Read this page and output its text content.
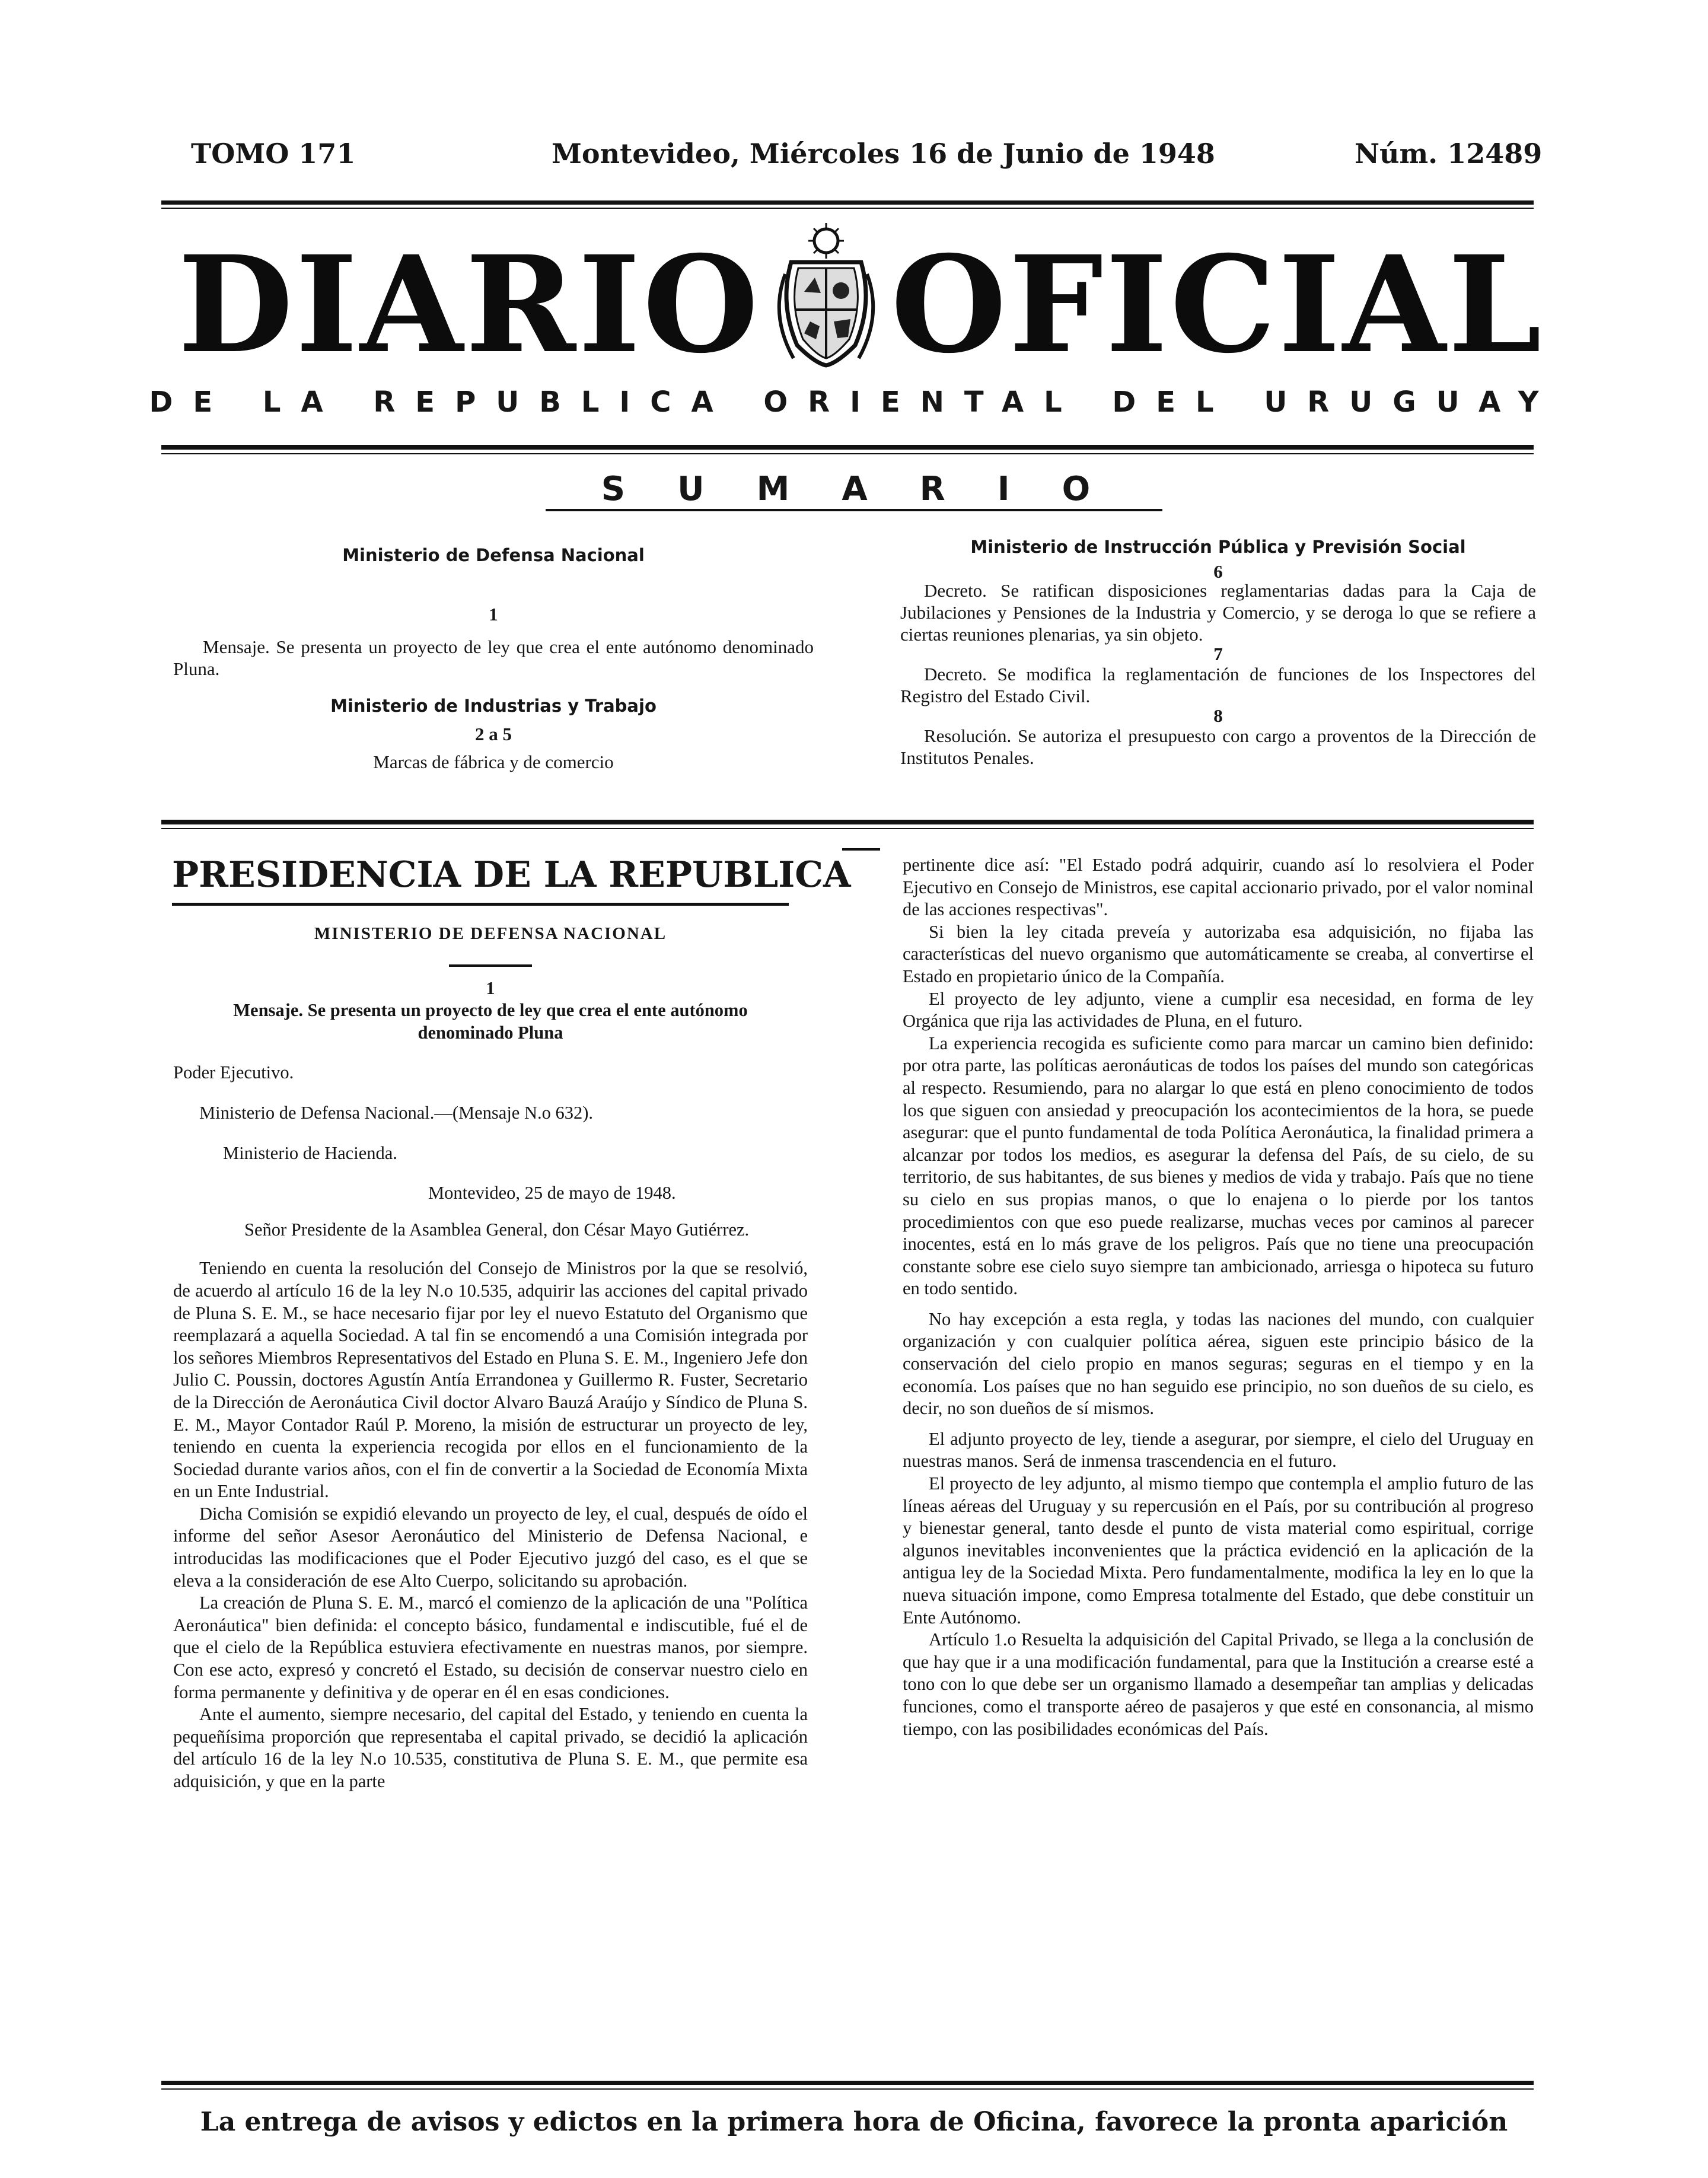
TOMO 171	Montevideo, Miércoles 16 de Junio de 1948	Núm. 12489
DIARIO OFICIAL
DE LA REPUBLICA ORIENTAL DEL URUGUAY
SUMARIO
Ministerio de Defensa Nacional
1
Mensaje. Se presenta un proyecto de ley que crea el ente autónomo denominado Pluna.
Ministerio de Industrias y Trabajo
2 a 5
Marcas de fábrica y de comercio
Ministerio de Instrucción Pública y Previsión Social
6
Decreto. Se ratifican disposiciones reglamentarias dadas para la Caja de Jubilaciones y Pensiones de la Industria y Comercio, y se deroga lo que se refiere a ciertas reuniones plenarias, ya sin objeto.
7
Decreto. Se modifica la reglamentación de funciones de los Inspectores del Registro del Estado Civil.
8
Resolución. Se autoriza el presupuesto con cargo a proventos de la Dirección de Institutos Penales.
PRESIDENCIA DE LA REPUBLICA
MINISTERIO DE DEFENSA NACIONAL
1
Mensaje. Se presenta un proyecto de ley que crea el ente autónomo denominado Pluna

Poder Ejecutivo.

Ministerio de Defensa Nacional.—(Mensaje N.o 632).

Ministerio de Hacienda.

Montevideo, 25 de mayo de 1948.

Señor Presidente de la Asamblea General, don César Mayo Gutiérrez.

Teniendo en cuenta la resolución del Consejo de Ministros por la que se resolvió, de acuerdo al artículo 16 de la ley N.o 10.535, adquirir las acciones del capital privado de Pluna S. E. M., se hace necesario fijar por ley el nuevo Estatuto del Organismo que reemplazará a aquella Sociedad. A tal fin se encomendó a una Comisión integrada por los señores Miembros Representativos del Estado en Pluna S. E. M., Ingeniero Jefe don Julio C. Poussin, doctores Agustín Antía Errandonea y Guillermo R. Fuster, Secretario de la Dirección de Aeronáutica Civil doctor Alvaro Bauzá Araújo y Síndico de Pluna S. E. M., Mayor Contador Raúl P. Moreno, la misión de estructurar un proyecto de ley, teniendo en cuenta la experiencia recogida por ellos en el funcionamiento de la Sociedad durante varios años, con el fin de convertir a la Sociedad de Economía Mixta en un Ente Industrial.

Dicha Comisión se expidió elevando un proyecto de ley, el cual, después de oído el informe del señor Asesor Aeronáutico del Ministerio de Defensa Nacional, e introducidas las modificaciones que el Poder Ejecutivo juzgó del caso, es el que se eleva a la consideración de ese Alto Cuerpo, solicitando su aprobación.

La creación de Pluna S. E. M., marcó el comienzo de la aplicación de una "Política Aeronáutica" bien definida: el concepto básico, fundamental e indiscutible, fué el de que el cielo de la República estuviera efectivamente en nuestras manos, por siempre. Con ese acto, expresó y concretó el Estado, su decisión de conservar nuestro cielo en forma permanente y definitiva y de operar en él en esas condiciones.

Ante el aumento, siempre necesario, del capital del Estado, y teniendo en cuenta la pequeñísima proporción que representaba el capital privado, se decidió la aplicación del artículo 16 de la ley N.o 10.535, constitutiva de Pluna S. E. M., que permite esa adquisición, y que en la parte

pertinente dice así: "El Estado podrá adquirir, cuando así lo resolviera el Poder Ejecutivo en Consejo de Ministros, ese capital accionario privado, por el valor nominal de las acciones respectivas".

Si bien la ley citada preveía y autorizaba esa adquisición, no fijaba las características del nuevo organismo que automáticamente se creaba, al convertirse el Estado en propietario único de la Compañía.

El proyecto de ley adjunto, viene a cumplir esa necesidad, en forma de ley Orgánica que rija las actividades de Pluna, en el futuro.

La experiencia recogida es suficiente como para marcar un camino bien definido: por otra parte, las políticas aeronáuticas de todos los países del mundo son categóricas al respecto. Resumiendo, para no alargar lo que está en pleno conocimiento de todos los que siguen con ansiedad y preocupación los acontecimientos de la hora, se puede asegurar: que el punto fundamental de toda Política Aeronáutica, la finalidad primera a alcanzar por todos los medios, es asegurar la defensa del País, de su cielo, de su territorio, de sus habitantes, de sus bienes y medios de vida y trabajo. País que no tiene su cielo en sus propias manos, o que lo enajena o lo pierde por los tantos procedimientos con que eso puede realizarse, muchas veces por caminos al parecer inocentes, está en lo más grave de los peligros. País que no tiene una preocupación constante sobre ese cielo suyo siempre tan ambicionado, arriesga o hipoteca su futuro en todo sentido.

No hay excepción a esta regla, y todas las naciones del mundo, con cualquier organización y con cualquier política aérea, siguen este principio básico de la conservación del cielo propio en manos seguras; seguras en el tiempo y en la economía. Los países que no han seguido ese principio, no son dueños de su cielo, es decir, no son dueños de sí mismos.

El adjunto proyecto de ley, tiende a asegurar, por siempre, el cielo del Uruguay en nuestras manos. Será de inmensa trascendencia en el futuro.

El proyecto de ley adjunto, al mismo tiempo que contempla el amplio futuro de las líneas aéreas del Uruguay y su repercusión en el País, por su contribución al progreso y bienestar general, tanto desde el punto de vista material como espiritual, corrige algunos inevitables inconvenientes que la práctica evidenció en la aplicación de la antigua ley de la Sociedad Mixta. Pero fundamentalmente, modifica la ley en lo que la nueva situación impone, como Empresa totalmente del Estado, que debe constituir un Ente Autónomo.

Artículo 1.o Resuelta la adquisición del Capital Privado, se llega a la conclusión de que hay que ir a una modificación fundamental, para que la Institución a crearse esté a tono con lo que debe ser un organismo llamado a desempeñar tan amplias y delicadas funciones, como el transporte aéreo de pasajeros y que esté en consonancia, al mismo tiempo, con las posibilidades económicas del País.

La entrega de avisos y edictos en la primera hora de Oficina, favorece la pronta aparición
